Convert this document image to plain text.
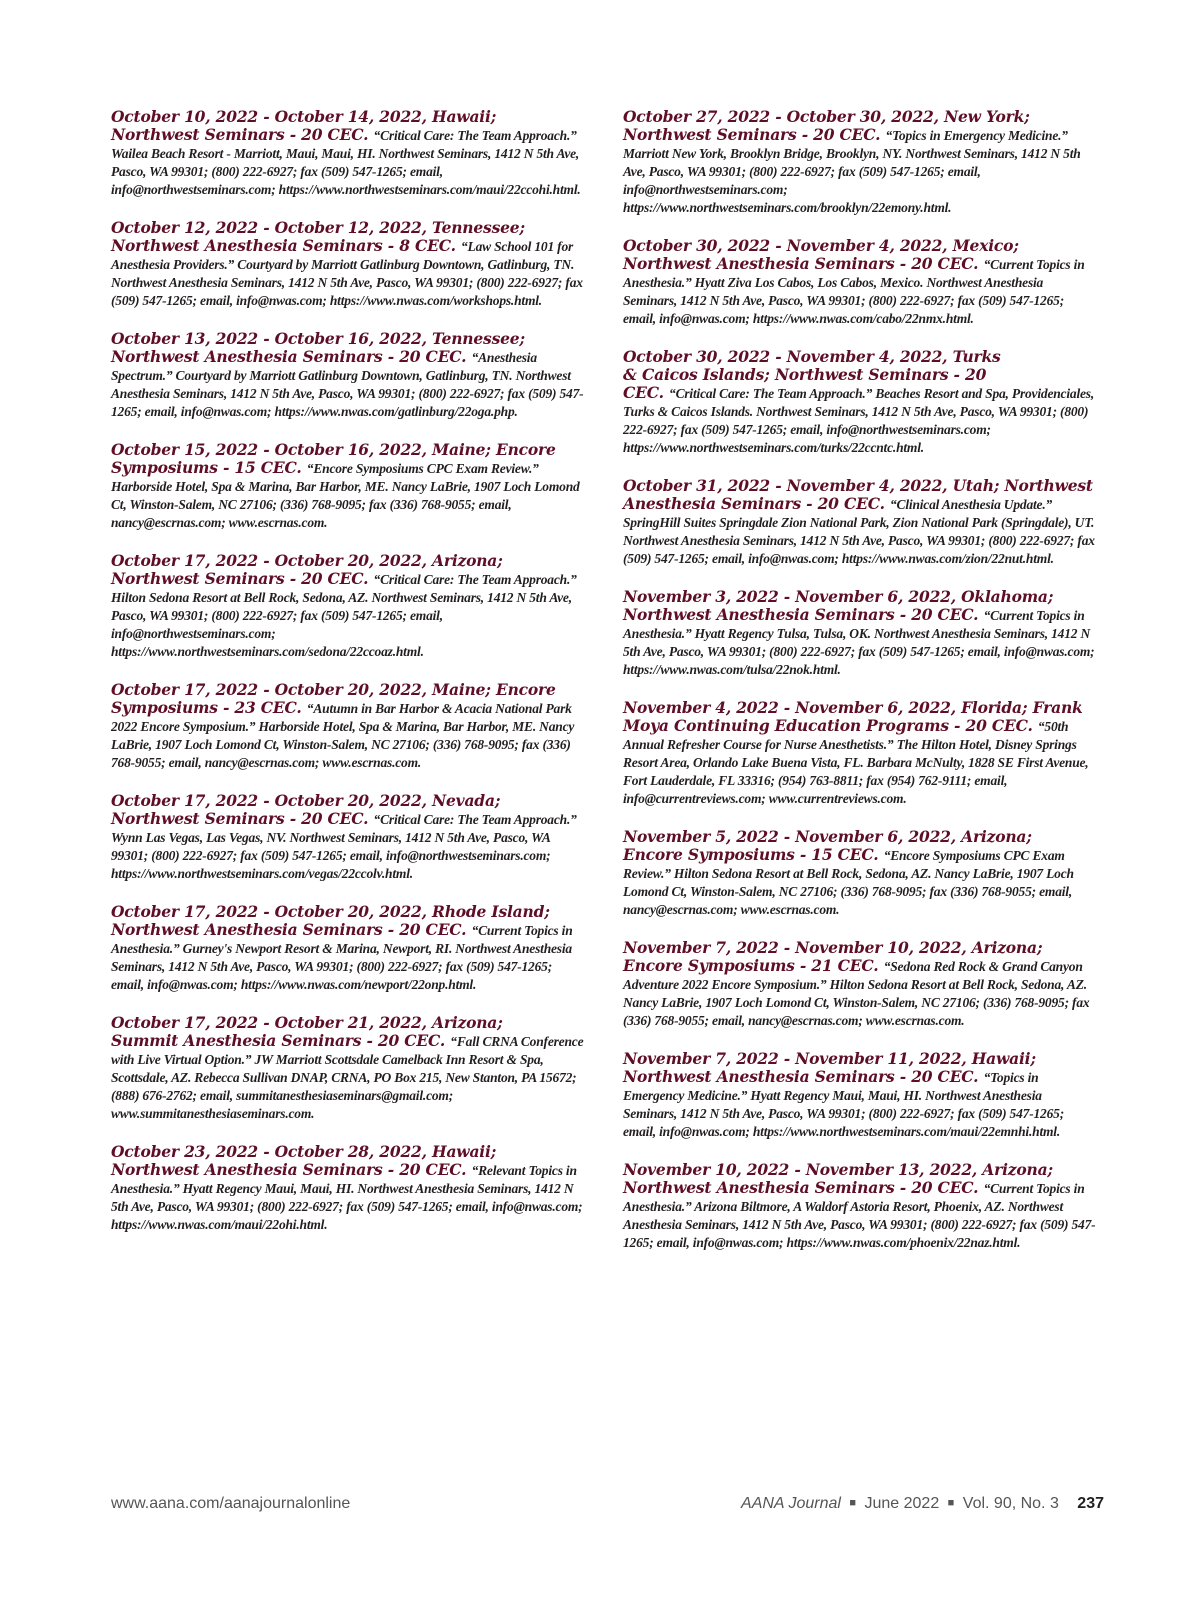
October 10, 2022 - October 14, 2022, Hawaii;
Northwest Seminars - 20 CEC. “Critical Care: The Team Approach.” Wailea Beach Resort - Marriott, Maui, Maui, HI. Northwest Seminars, 1412 N 5th Ave, Pasco, WA 99301; (800) 222-6927; fax (509) 547-1265; email, info@northwestseminars.com; https://www.northwestseminars.com/maui/22ccohi.html.
October 12, 2022 - October 12, 2022, Tennessee;
Northwest Anesthesia Seminars - 8 CEC. “Law School 101 for Anesthesia Providers.” Courtyard by Marriott Gatlinburg Downtown, Gatlinburg, TN. Northwest Anesthesia Seminars, 1412 N 5th Ave, Pasco, WA 99301; (800) 222-6927; fax (509) 547-1265; email, info@nwas.com; https://www.nwas.com/workshops.html.
October 13, 2022 - October 16, 2022, Tennessee;
Northwest Anesthesia Seminars - 20 CEC. “Anesthesia Spectrum.” Courtyard by Marriott Gatlinburg Downtown, Gatlinburg, TN. Northwest Anesthesia Seminars, 1412 N 5th Ave, Pasco, WA 99301; (800) 222-6927; fax (509) 547-1265; email, info@nwas.com; https://www.nwas.com/gatlinburg/22oga.php.
October 15, 2022 - October 16, 2022, Maine; Encore
Symposiums - 15 CEC. “Encore Symposiums CPC Exam Review.” Harborside Hotel, Spa & Marina, Bar Harbor, ME. Nancy LaBrie, 1907 Loch Lomond Ct, Winston-Salem, NC 27106; (336) 768-9095; fax (336) 768-9055; email, nancy@escrnas.com; www.escrnas.com.
October 17, 2022 - October 20, 2022, Arizona;
Northwest Seminars - 20 CEC. “Critical Care: The Team Approach.” Hilton Sedona Resort at Bell Rock, Sedona, AZ. Northwest Seminars, 1412 N 5th Ave, Pasco, WA 99301; (800) 222-6927; fax (509) 547-1265; email, info@northwestseminars.com; https://www.northwestseminars.com/sedona/22ccoaz.html.
October 17, 2022 - October 20, 2022, Maine; Encore
Symposiums - 23 CEC. “Autumn in Bar Harbor & Acacia National Park 2022 Encore Symposium.” Harborside Hotel, Spa & Marina, Bar Harbor, ME. Nancy LaBrie, 1907 Loch Lomond Ct, Winston-Salem, NC 27106; (336) 768-9095; fax (336) 768-9055; email, nancy@escrnas.com; www.escrnas.com.
October 17, 2022 - October 20, 2022, Nevada;
Northwest Seminars - 20 CEC. “Critical Care: The Team Approach.” Wynn Las Vegas, Las Vegas, NV. Northwest Seminars, 1412 N 5th Ave, Pasco, WA 99301; (800) 222-6927; fax (509) 547-1265; email, info@northwestseminars.com; https://www.northwestseminars.com/vegas/22ccolv.html.
October 17, 2022 - October 20, 2022, Rhode Island;
Northwest Anesthesia Seminars - 20 CEC. “Current Topics in Anesthesia.” Gurney's Newport Resort & Marina, Newport, RI. Northwest Anesthesia Seminars, 1412 N 5th Ave, Pasco, WA 99301; (800) 222-6927; fax (509) 547-1265; email, info@nwas.com; https://www.nwas.com/newport/22onp.html.
October 17, 2022 - October 21, 2022, Arizona;
Summit Anesthesia Seminars - 20 CEC. “Fall CRNA Conference with Live Virtual Option.” JW Marriott Scottsdale Camelback Inn Resort & Spa, Scottsdale, AZ. Rebecca Sullivan DNAP, CRNA, PO Box 215, New Stanton, PA 15672; (888) 676-2762; email, summitanesthesiaseminars@gmail.com; www.summitanesthesiaseminars.com.
October 23, 2022 - October 28, 2022, Hawaii;
Northwest Anesthesia Seminars - 20 CEC. “Relevant Topics in Anesthesia.” Hyatt Regency Maui, Maui, HI. Northwest Anesthesia Seminars, 1412 N 5th Ave, Pasco, WA 99301; (800) 222-6927; fax (509) 547-1265; email, info@nwas.com; https://www.nwas.com/maui/22ohi.html.
October 27, 2022 - October 30, 2022, New York;
Northwest Seminars - 20 CEC. “Topics in Emergency Medicine.” Marriott New York, Brooklyn Bridge, Brooklyn, NY. Northwest Seminars, 1412 N 5th Ave, Pasco, WA 99301; (800) 222-6927; fax (509) 547-1265; email, info@northwestseminars.com; https://www.northwestseminars.com/brooklyn/22emony.html.
October 30, 2022 - November 4, 2022, Mexico;
Northwest Anesthesia Seminars - 20 CEC. “Current Topics in Anesthesia.” Hyatt Ziva Los Cabos, Los Cabos, Mexico. Northwest Anesthesia Seminars, 1412 N 5th Ave, Pasco, WA 99301; (800) 222-6927; fax (509) 547-1265; email, info@nwas.com; https://www.nwas.com/cabo/22nmx.html.
October 30, 2022 - November 4, 2022, Turks
& Caicos Islands; Northwest Seminars - 20
CEC. “Critical Care: The Team Approach.” Beaches Resort and Spa, Providenciales, Turks & Caicos Islands. Northwest Seminars, 1412 N 5th Ave, Pasco, WA 99301; (800) 222-6927; fax (509) 547-1265; email, info@northwestseminars.com; https://www.northwestseminars.com/turks/22ccntc.html.
October 31, 2022 - November 4, 2022, Utah; Northwest
Anesthesia Seminars - 20 CEC. “Clinical Anesthesia Update.” SpringHill Suites Springdale Zion National Park, Zion National Park (Springdale), UT. Northwest Anesthesia Seminars, 1412 N 5th Ave, Pasco, WA 99301; (800) 222-6927; fax (509) 547-1265; email, info@nwas.com; https://www.nwas.com/zion/22nut.html.
November 3, 2022 - November 6, 2022, Oklahoma;
Northwest Anesthesia Seminars - 20 CEC. “Current Topics in Anesthesia.” Hyatt Regency Tulsa, Tulsa, OK. Northwest Anesthesia Seminars, 1412 N 5th Ave, Pasco, WA 99301; (800) 222-6927; fax (509) 547-1265; email, info@nwas.com; https://www.nwas.com/tulsa/22nok.html.
November 4, 2022 - November 6, 2022, Florida; Frank
Moya Continuing Education Programs - 20 CEC. “50th Annual Refresher Course for Nurse Anesthetists.” The Hilton Hotel, Disney Springs Resort Area, Orlando Lake Buena Vista, FL. Barbara McNulty, 1828 SE First Avenue, Fort Lauderdale, FL 33316; (954) 763-8811; fax (954) 762-9111; email, info@currentreviews.com; www.currentreviews.com.
November 5, 2022 - November 6, 2022, Arizona;
Encore Symposiums - 15 CEC. “Encore Symposiums CPC Exam Review.” Hilton Sedona Resort at Bell Rock, Sedona, AZ. Nancy LaBrie, 1907 Loch Lomond Ct, Winston-Salem, NC 27106; (336) 768-9095; fax (336) 768-9055; email, nancy@escrnas.com; www.escrnas.com.
November 7, 2022 - November 10, 2022, Arizona;
Encore Symposiums - 21 CEC. “Sedona Red Rock & Grand Canyon Adventure 2022 Encore Symposium.” Hilton Sedona Resort at Bell Rock, Sedona, AZ. Nancy LaBrie, 1907 Loch Lomond Ct, Winston-Salem, NC 27106; (336) 768-9095; fax (336) 768-9055; email, nancy@escrnas.com; www.escrnas.com.
November 7, 2022 - November 11, 2022, Hawaii;
Northwest Anesthesia Seminars - 20 CEC. “Topics in Emergency Medicine.” Hyatt Regency Maui, Maui, HI. Northwest Anesthesia Seminars, 1412 N 5th Ave, Pasco, WA 99301; (800) 222-6927; fax (509) 547-1265; email, info@nwas.com; https://www.northwestseminars.com/maui/22emnhi.html.
November 10, 2022 - November 13, 2022, Arizona;
Northwest Anesthesia Seminars - 20 CEC. “Current Topics in Anesthesia.” Arizona Biltmore, A Waldorf Astoria Resort, Phoenix, AZ. Northwest Anesthesia Seminars, 1412 N 5th Ave, Pasco, WA 99301; (800) 222-6927; fax (509) 547-1265; email, info@nwas.com; https://www.nwas.com/phoenix/22naz.html.
www.aana.com/aanajournalonline	AANA Journal ■ June 2022 ■ Vol. 90, No. 3 237
